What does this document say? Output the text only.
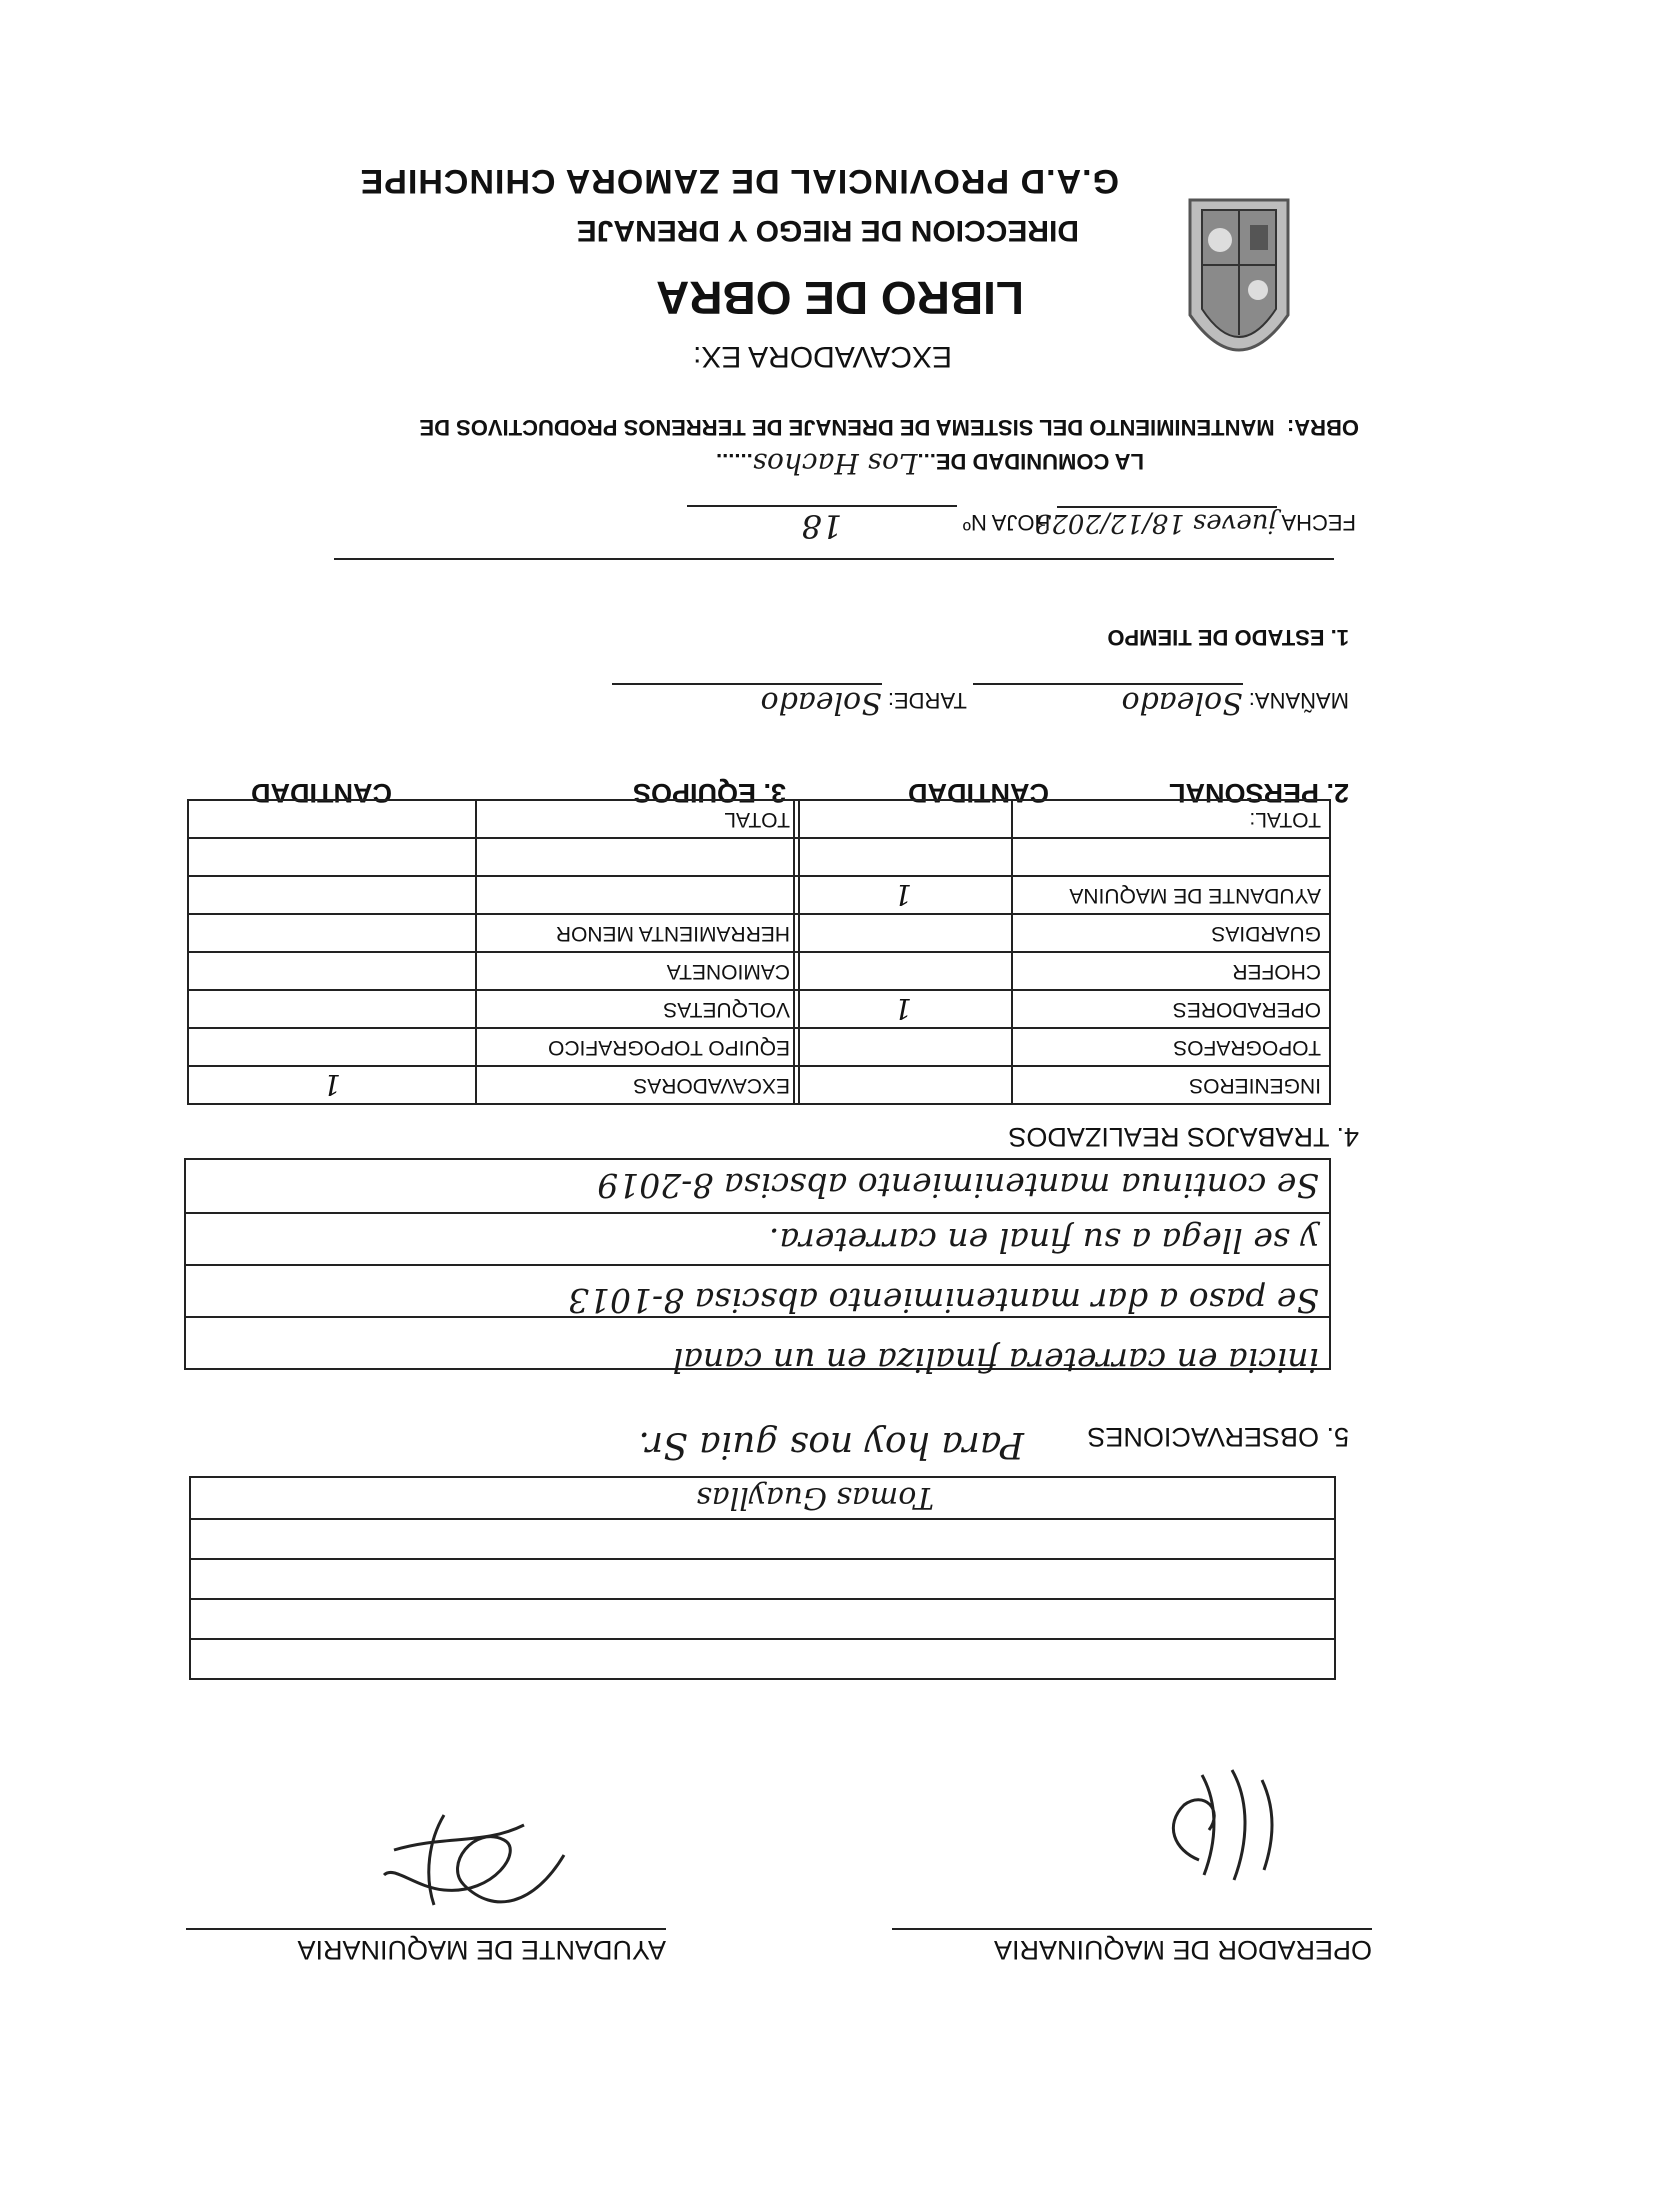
G.A.D PROVINCIAL DE ZAMORA CHINCHIPE
DIRECCION DE RIEGO Y DRENAJE
LIBRO DE OBRA
EXCAVADORA EX:
OBRA:  MANTENIMIENTO DEL SISTEMA DE DRENAJE DE TERRENOS PRODUCTIVOS DE
LA COMUNIDAD DE...Los Hachos......
FECHA jueves 18/12/2023 HOJA Nº 18
1. ESTADO DE TIEMPO
MAÑANA: Soleado TARDE: Soleado
2. PERSONAL
CANTIDAD
3. EQUIPOS
CANTIDAD
INGENIEROS	
TOPOGRAFOS	
OPERADORES	1
CHOFER	
GUARDIAS	
AYUDANTE DE MAQUINA	1

TOTAL:	
EXCAVADORAS	1
EQUIPO TOPOGRAFICO	
VOLQUETAS	
CAMIONETA	
HERRAMIENTA MENOR	

TOTAL	
4. TRABAJOS REALIZADOS
Se continua mantenimiento abscisa 8-2019
y se llega a su final en carretera.
Se paso a dar mantenimiento abscisa 8-1013
inicia en carretera finaliza en un canal
5. OBSERVACIONES
Para hoy nos guia Sr.
Tomas Guayllas
OPERADOR DE MAQUINARIA
AYUDANTE DE MAQUINARIA
